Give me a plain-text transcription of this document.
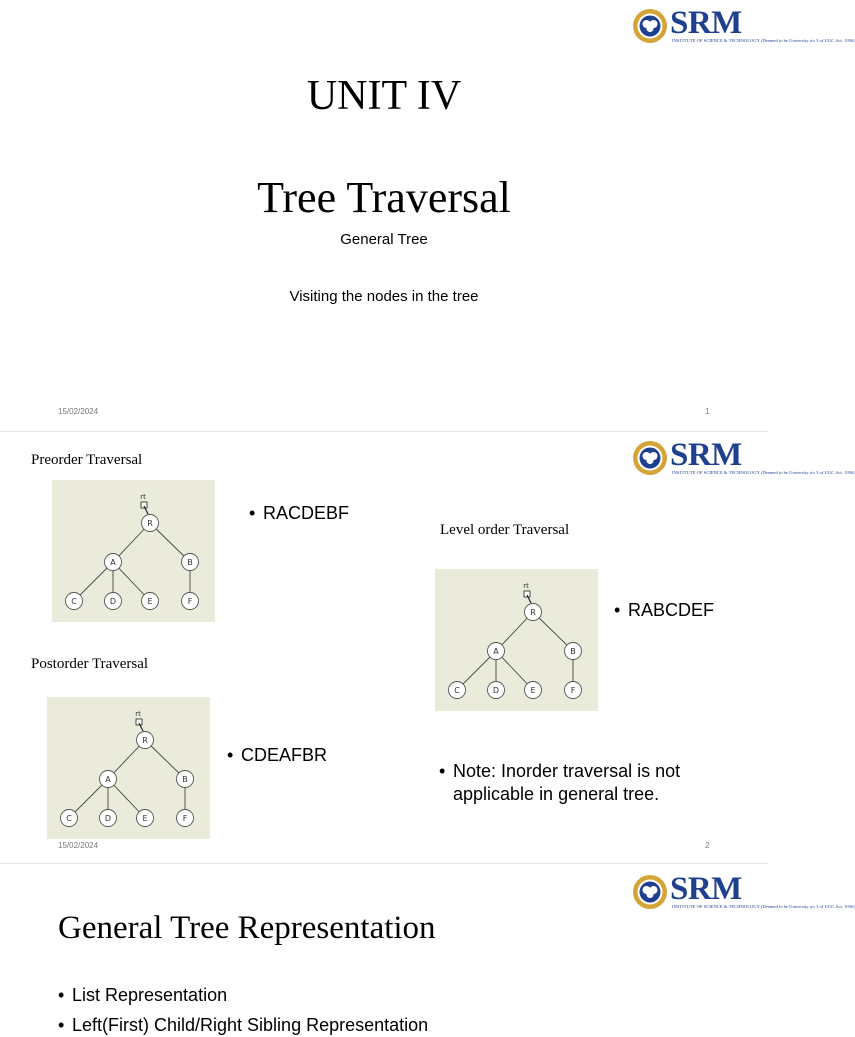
SRM
INSTITUTE OF SCIENCE & TECHNOLOGY (Deemed to be University u/s 3 of UGC Act, 1956)
UNIT IV
Tree Traversal
General Tree
Visiting the nodes in the tree
15/02/2024	1
SRM
INSTITUTE OF SCIENCE & TECHNOLOGY (Deemed to be University u/s 3 of UGC Act, 1956)
Preorder Traversal
rt
R
A	B
C	D	E	F
• RACDEBF
Level order Traversal
rt
R
A	B
C	D	E	F
• RABCDEF
Postorder Traversal
rt
R
A	B
C	D	E	F
• CDEAFBR
• Note: Inorder traversal is not
applicable in general tree.
15/02/2024	2
SRM
INSTITUTE OF SCIENCE & TECHNOLOGY (Deemed to be University u/s 3 of UGC Act, 1956)
General Tree Representation
• List Representation
• Left(First) Child/Right Sibling Representation
